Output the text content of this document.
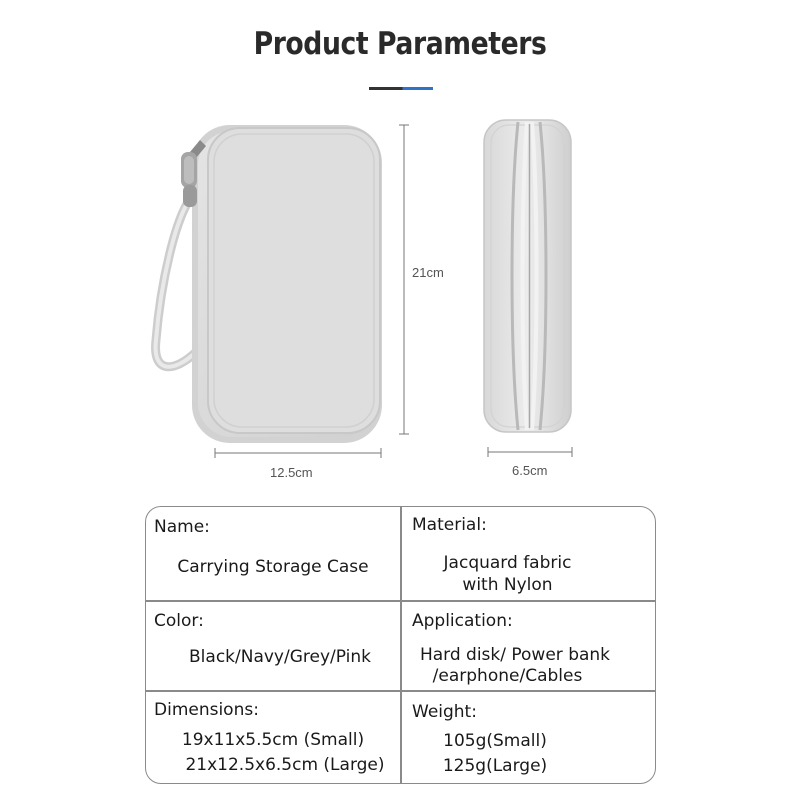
Product Parameters
21cm
12.5cm	6.5cm
Name:
Carrying Storage Case
Material:
Jacquard fabric
with Nylon
Color:
Black/Navy/Grey/Pink
Application:
Hard disk/ Power bank
/earphone/Cables
Dimensions:
19x11x5.5cm (Small)
21x12.5x6.5cm (Large)
Weight:
105g(Small)
125g(Large)
